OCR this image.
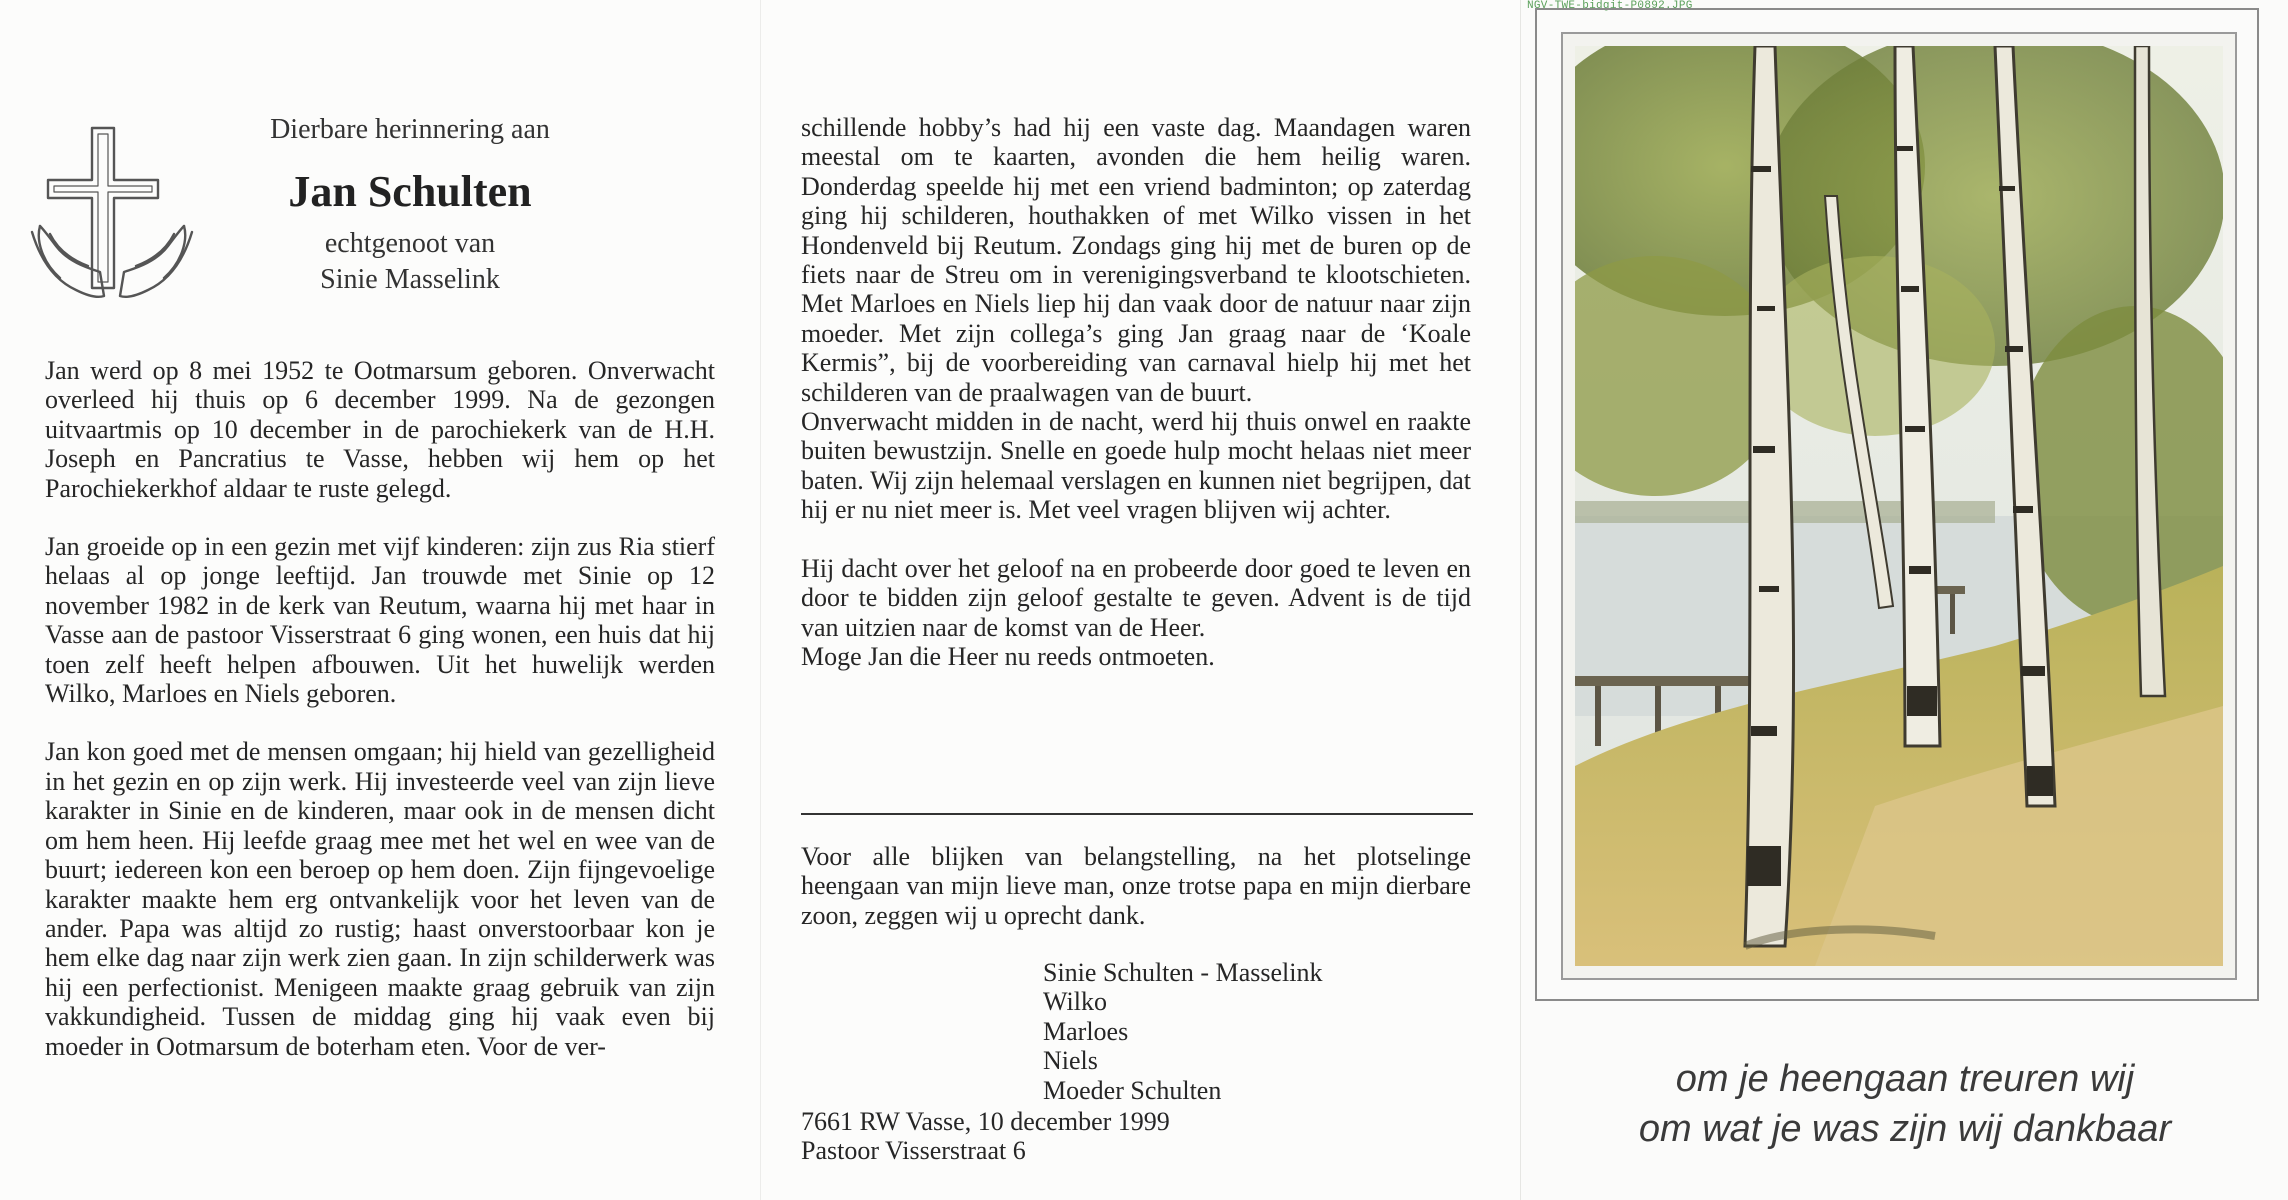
Dierbare herinnering aan
Jan Schulten
echtgenoot van
Sinie Masselink

Jan werd op 8 mei 1952 te Ootmarsum geboren. Onverwacht overleed hij thuis op 6 december 1999. Na de gezongen uitvaartmis op 10 december in de parochiekerk van de H.H. Joseph en Pancratius te Vasse, hebben wij hem op het Parochiekerkhof aldaar te ruste gelegd.

Jan groeide op in een gezin met vijf kinderen: zijn zus Ria stierf helaas al op jonge leeftijd. Jan trouwde met Sinie op 12 november 1982 in de kerk van Reutum, waarna hij met haar in Vasse aan de pastoor Visserstraat 6 ging wonen, een huis dat hij toen zelf heeft helpen afbouwen. Uit het huwelijk werden Wilko, Marloes en Niels geboren.

Jan kon goed met de mensen omgaan; hij hield van gezelligheid in het gezin en op zijn werk. Hij investeerde veel van zijn lieve karakter in Sinie en de kinderen, maar ook in de mensen dicht om hem heen. Hij leefde graag mee met het wel en wee van de buurt; iedereen kon een beroep op hem doen. Zijn fijngevoelige karakter maakte hem erg ontvankelijk voor het leven van de ander. Papa was altijd zo rustig; haast onverstoorbaar kon je hem elke dag naar zijn werk zien gaan. In zijn schilderwerk was hij een perfectionist. Menigeen maakte graag gebruik van zijn vakkundigheid. Tussen de middag ging hij vaak even bij moeder in Ootmarsum de boterham eten. Voor de ver-

schillende hobby’s had hij een vaste dag. Maandagen waren meestal om te kaarten, avonden die hem heilig waren. Donderdag speelde hij met een vriend badminton; op zaterdag ging hij schilderen, houthakken of met Wilko vissen in het Hondenveld bij Reutum. Zondags ging hij met de buren op de fiets naar de Streu om in verenigingsverband te klootschieten. Met Marloes en Niels liep hij dan vaak door de natuur naar zijn moeder. Met zijn collega’s ging Jan graag naar de ‘Koale Kermis”, bij de voorbereiding van carnaval hielp hij met het schilderen van de praalwagen van de buurt.

Onverwacht midden in de nacht, werd hij thuis onwel en raakte buiten bewustzijn. Snelle en goede hulp mocht helaas niet meer baten. Wij zijn helemaal verslagen en kunnen niet begrijpen, dat hij er nu niet meer is. Met veel vragen blijven wij achter.

Hij dacht over het geloof na en probeerde door goed te leven en door te bidden zijn geloof gestalte te geven. Advent is de tijd van uitzien naar de komst van de Heer.

Moge Jan die Heer nu reeds ontmoeten.

Voor alle blijken van belangstelling, na het plotselinge heengaan van mijn lieve man, onze trotse papa en mijn dierbare zoon, zeggen wij u oprecht dank.

Sinie Schulten - Masselink
Wilko
Marloes
Niels
Moeder Schulten
7661 RW Vasse, 10 december 1999
Pastoor Visserstraat 6
NGV-TWE-bidgit-P0892.JPG
om je heengaan treuren wij
om wat je was zijn wij dankbaar
